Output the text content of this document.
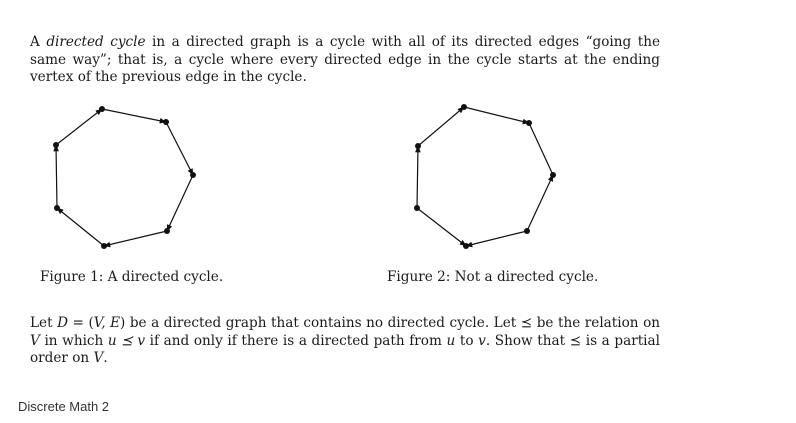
A directed cycle in a directed graph is a cycle with all of its directed edges “going the same way”; that is, a cycle where every directed edge in the cycle starts at the ending vertex of the previous edge in the cycle.

Figure 1: A directed cycle.	Figure 2: Not a directed cycle.

Let D = (V, E) be a directed graph that contains no directed cycle. Let ⪯ be the relation on V in which u ⪯ v if and only if there is a directed path from u to v. Show that ⪯ is a partial order on V.

Discrete Math 2
